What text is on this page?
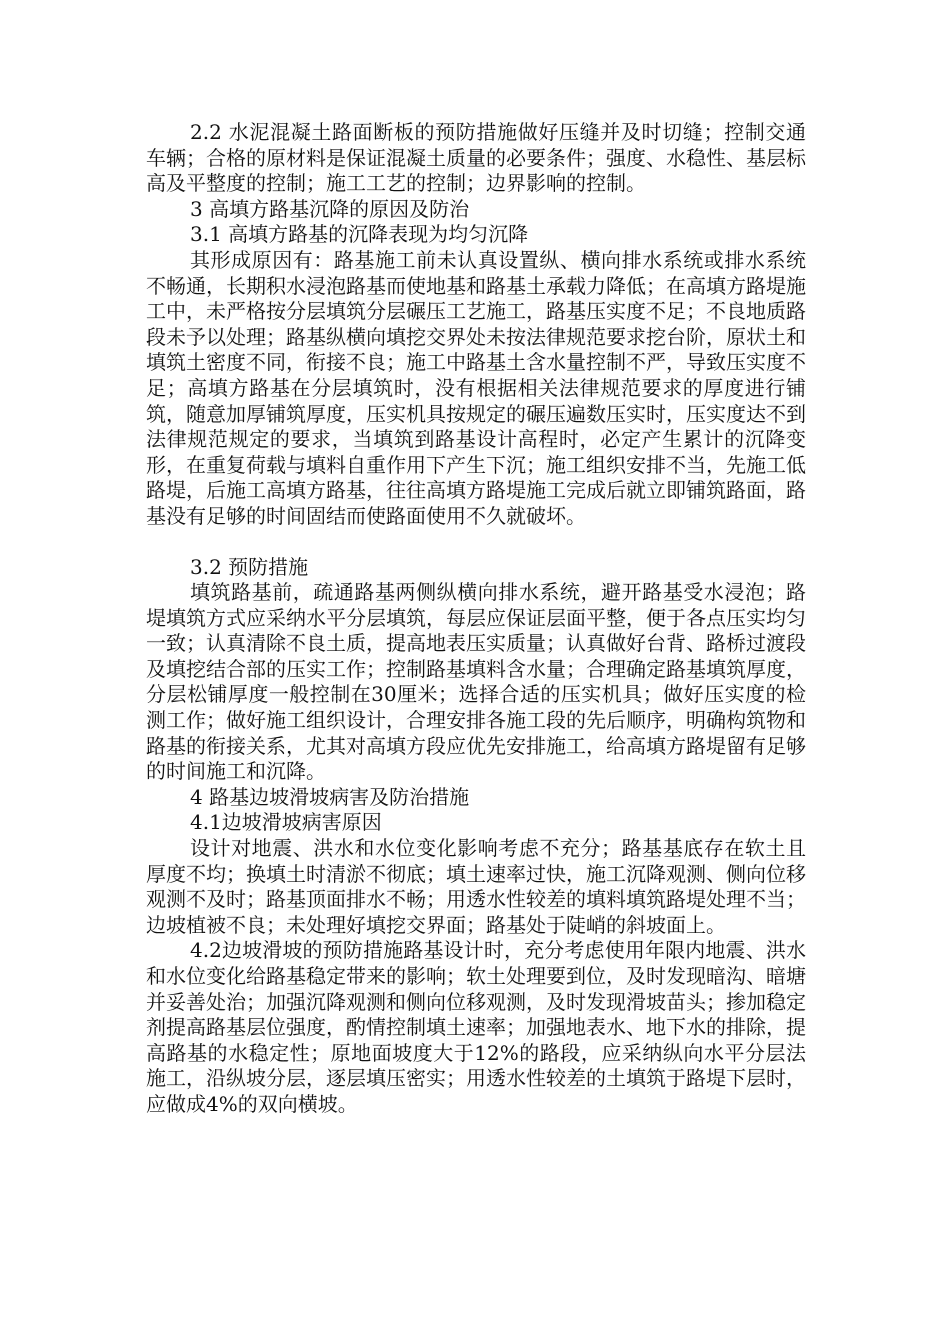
2.2 水泥混凝土路面断板的预防措施做好压缝并及时切缝；控制交通车辆；合格的原材料是保证混凝土质量的必要条件；强度、水稳性、基层标高及平整度的控制；施工工艺的控制；边界影响的控制。

3 高填方路基沉降的原因及防治

3.1 高填方路基的沉降表现为均匀沉降

其形成原因有：路基施工前未认真设置纵、横向排水系统或排水系统不畅通，长期积水浸泡路基而使地基和路基土承载力降低；在高填方路堤施工中，未严格按分层填筑分层碾压工艺施工，路基压实度不足；不良地质路段未予以处理；路基纵横向填挖交界处未按法律规范要求挖台阶，原状土和填筑土密度不同，衔接不良；施工中路基土含水量控制不严，导致压实度不足；高填方路基在分层填筑时，没有根据相关法律规范要求的厚度进行铺筑，随意加厚铺筑厚度，压实机具按规定的碾压遍数压实时，压实度达不到法律规范规定的要求，当填筑到路基设计高程时，必定产生累计的沉降变形，在重复荷载与填料自重作用下产生下沉；施工组织安排不当，先施工低路堤，后施工高填方路基，往往高填方路堤施工完成后就立即铺筑路面，路基没有足够的时间固结而使路面使用不久就破坏。

3.2 预防措施

填筑路基前，疏通路基两侧纵横向排水系统，避开路基受水浸泡；路堤填筑方式应采纳水平分层填筑，每层应保证层面平整，便于各点压实均匀一致；认真清除不良土质，提高地表压实质量；认真做好台背、路桥过渡段及填挖结合部的压实工作；控制路基填料含水量；合理确定路基填筑厚度，分层松铺厚度一般控制在30厘米；选择合适的压实机具；做好压实度的检测工作；做好施工组织设计，合理安排各施工段的先后顺序，明确构筑物和路基的衔接关系，尤其对高填方段应优先安排施工，给高填方路堤留有足够的时间施工和沉降。

4 路基边坡滑坡病害及防治措施

4.1边坡滑坡病害原因

设计对地震、洪水和水位变化影响考虑不充分；路基基底存在软土且厚度不均；换填土时清淤不彻底；填土速率过快，施工沉降观测、侧向位移观测不及时；路基顶面排水不畅；用透水性较差的填料填筑路堤处理不当；边坡植被不良；未处理好填挖交界面；路基处于陡峭的斜坡面上。

4.2边坡滑坡的预防措施路基设计时，充分考虑使用年限内地震、洪水和水位变化给路基稳定带来的影响；软土处理要到位，及时发现暗沟、暗塘并妥善处治；加强沉降观测和侧向位移观测，及时发现滑坡苗头；掺加稳定剂提高路基层位强度，酌情控制填土速率；加强地表水、地下水的排除，提高路基的水稳定性；原地面坡度大于12%的路段，应采纳纵向水平分层法施工，沿纵坡分层，逐层填压密实；用透水性较差的土填筑于路堤下层时，应做成4%的双向横坡。
